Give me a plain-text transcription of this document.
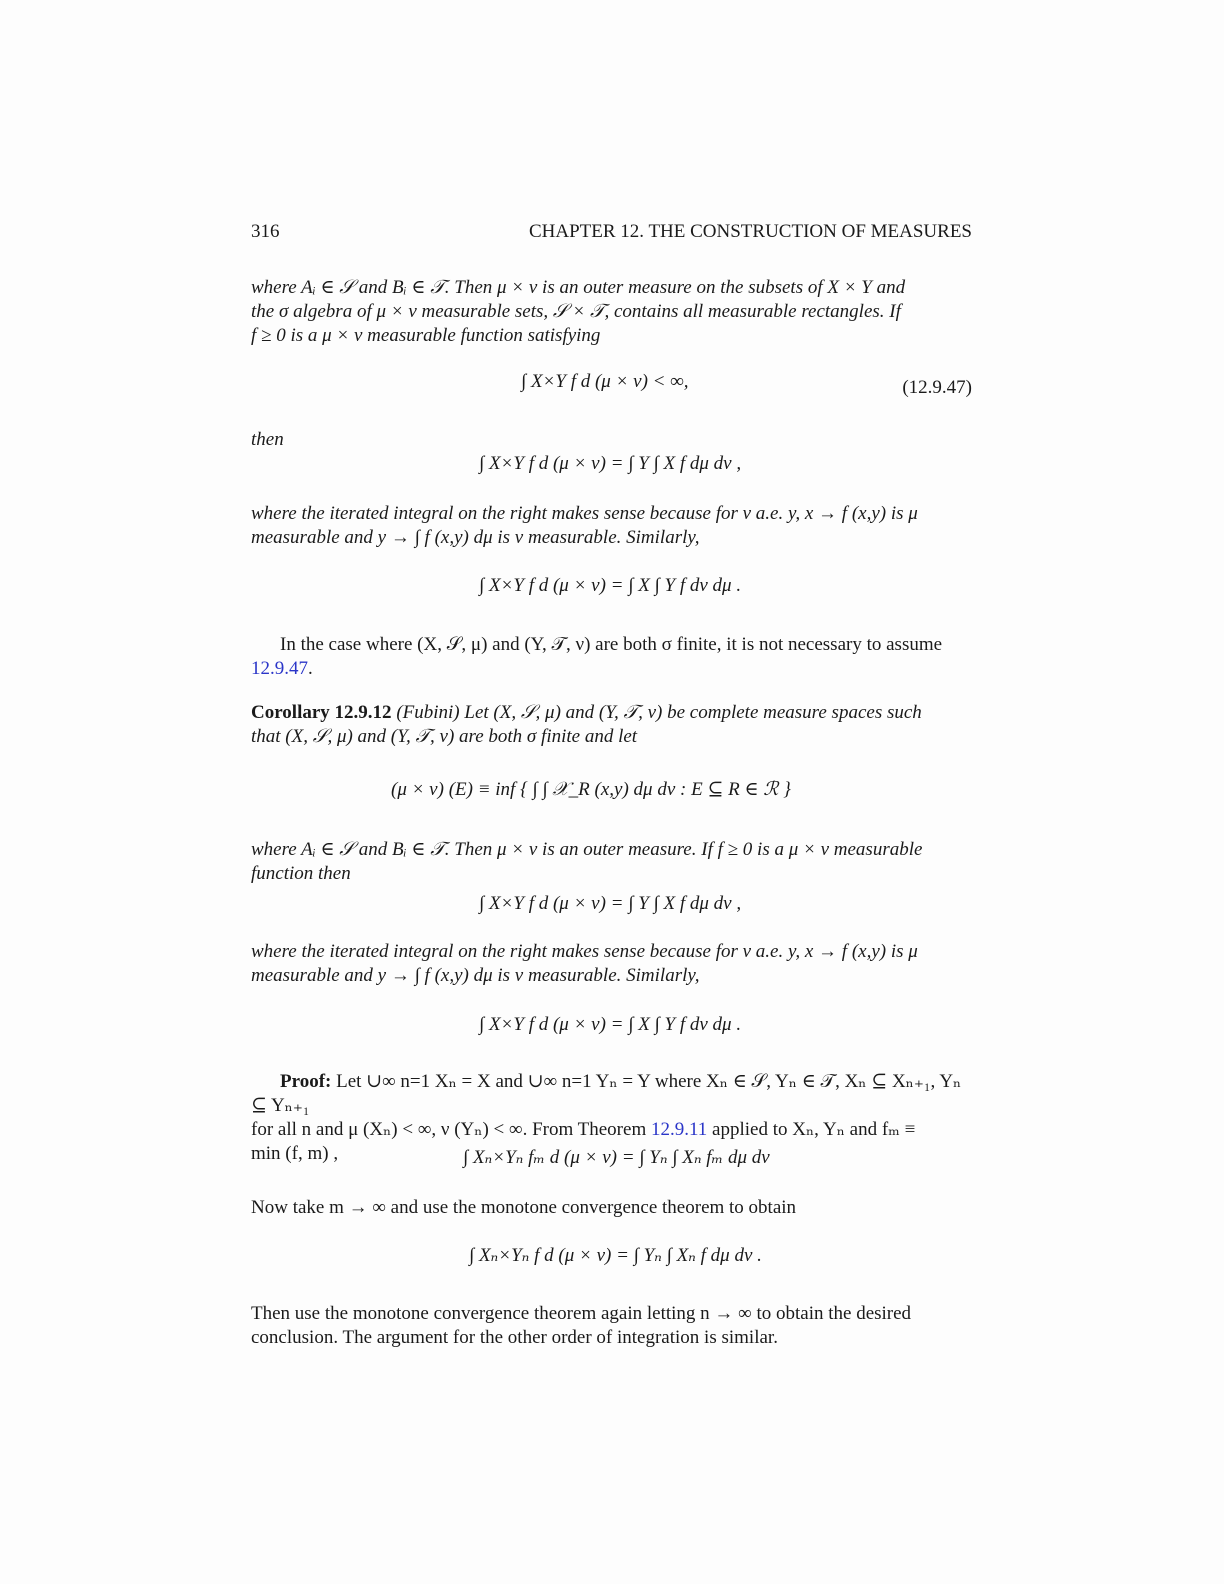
316	CHAPTER 12. THE CONSTRUCTION OF MEASURES
where Aᵢ ∈ 𝒮 and Bᵢ ∈ 𝒯. Then μ × ν is an outer measure on the subsets of X × Y and
the σ algebra of μ × ν measurable sets, 𝒮 × 𝒯, contains all measurable rectangles. If
f ≥ 0 is a μ × ν measurable function satisfying
∫ X×Y f d (μ × ν) < ∞,	(12.9.47)
then
∫ X×Y f d (μ × ν) = ∫ Y ∫ X f dμ dν ,
where the iterated integral on the right makes sense because for ν a.e. y, x → f (x,y) is μ
measurable and y → ∫ f (x,y) dμ is ν measurable. Similarly,
∫ X×Y f d (μ × ν) = ∫ X ∫ Y f dν dμ .
In the case where (X, 𝒮, μ) and (Y, 𝒯, ν) are both σ finite, it is not necessary to assume 12.9.47.
Corollary 12.9.12 (Fubini) Let (X, 𝒮, μ) and (Y, 𝒯, ν) be complete measure spaces such
that (X, 𝒮, μ) and (Y, 𝒯, ν) are both σ finite and let
(μ × ν) (E) ≡ inf { ∫ ∫ 𝒳_R (x,y) dμ dν : E ⊆ R ∈ ℛ }
where Aᵢ ∈ 𝒮 and Bᵢ ∈ 𝒯. Then μ × ν is an outer measure. If f ≥ 0 is a μ × ν measurable
function then
∫ X×Y f d (μ × ν) = ∫ Y ∫ X f dμ dν ,
where the iterated integral on the right makes sense because for ν a.e. y, x → f (x,y) is μ
measurable and y → ∫ f (x,y) dμ is ν measurable. Similarly,
∫ X×Y f d (μ × ν) = ∫ X ∫ Y f dν dμ .
Proof: Let ∪∞ n=1 Xₙ = X and ∪∞ n=1 Yₙ = Y where Xₙ ∈ 𝒮, Yₙ ∈ 𝒯, Xₙ ⊆ Xₙ₊₁, Yₙ ⊆ Yₙ₊₁
for all n and μ (Xₙ) < ∞, ν (Yₙ) < ∞. From Theorem 12.9.11 applied to Xₙ, Yₙ and fₘ ≡
min (f, m) ,	∫ Xₙ×Yₙ fₘ d (μ × ν) = ∫ Yₙ ∫ Xₙ fₘ dμ dν
Now take m → ∞ and use the monotone convergence theorem to obtain
∫ Xₙ×Yₙ f d (μ × ν) = ∫ Yₙ ∫ Xₙ f dμ dν .
Then use the monotone convergence theorem again letting n → ∞ to obtain the desired
conclusion. The argument for the other order of integration is similar.
